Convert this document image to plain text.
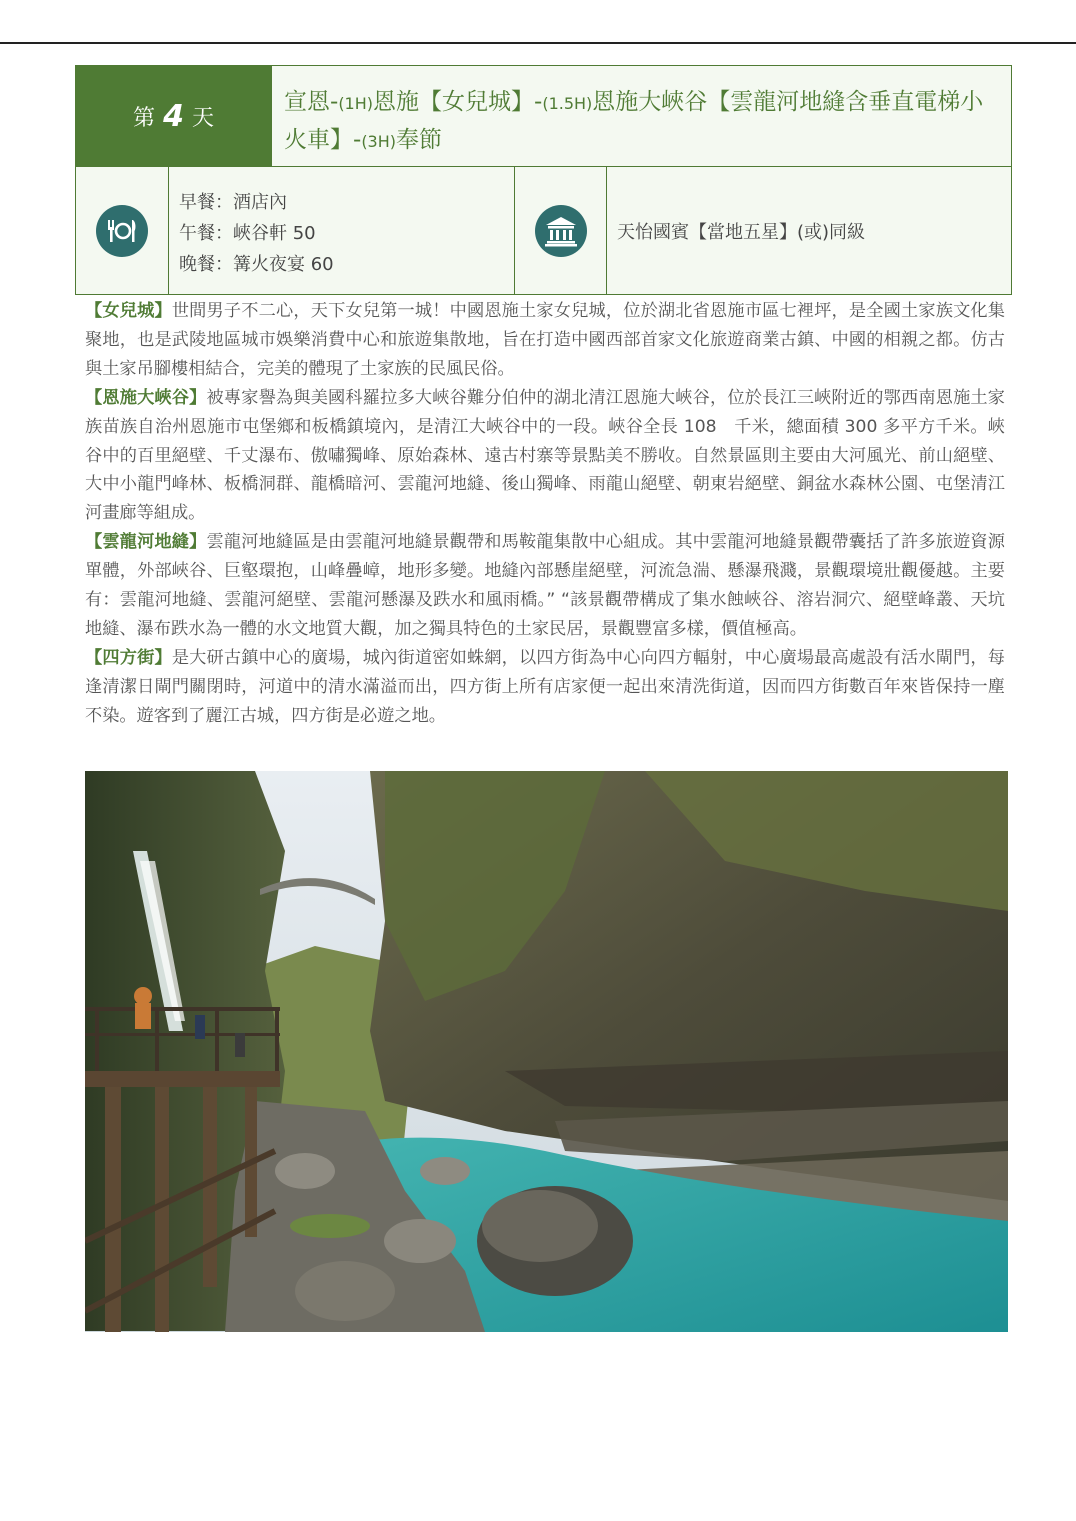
第 4 天
宣恩-(1H)恩施【女兒城】-(1.5H)恩施大峽谷【雲龍河地縫含垂直電梯小火車】-(3H)奉節
早餐：酒店內
午餐：峽谷軒 50
晚餐：篝火夜宴 60
天怡國賓【當地五星】(或)同級

【女兒城】世間男子不二心，天下女兒第一城！中國恩施土家女兒城，位於湖北省恩施市區七裡坪，是全國土家族文化集聚地，也是武陵地區城市娛樂消費中心和旅遊集散地，旨在打造中國西部首家文化旅遊商業古鎮、中國的相親之都。仿古與土家吊腳樓相結合，完美的體現了土家族的民風民俗。

【恩施大峽谷】被專家譽為與美國科羅拉多大峽谷難分伯仲的湖北清江恩施大峽谷，位於長江三峽附近的鄂西南恩施土家族苗族自治州恩施市屯堡鄉和板橋鎮境內，是清江大峽谷中的一段。峽谷全長 108　千米，總面積 300 多平方千米。峽谷中的百里絕壁、千丈瀑布、傲嘯獨峰、原始森林、遠古村寨等景點美不勝收。自然景區則主要由大河風光、前山絕壁、大中小龍門峰林、板橋洞群、龍橋暗河、雲龍河地縫、後山獨峰、雨龍山絕壁、朝東岩絕壁、銅盆水森林公園、屯堡清江河畫廊等組成。

【雲龍河地縫】雲龍河地縫區是由雲龍河地縫景觀帶和馬鞍龍集散中心組成。其中雲龍河地縫景觀帶囊括了許多旅遊資源單體，外部峽谷、巨壑環抱，山峰疊嶂，地形多變。地縫內部懸崖絕壁，河流急湍、懸瀑飛濺，景觀環境壯觀優越。主要有：雲龍河地縫、雲龍河絕壁、雲龍河懸瀑及跌水和風雨橋。” “該景觀帶構成了集水蝕峽谷、溶岩洞穴、絕壁峰叢、天坑地縫、瀑布跌水為一體的水文地質大觀，加之獨具特色的土家民居，景觀豐富多樣，價值極高。

【四方街】是大研古鎮中心的廣場，城內街道密如蛛網，以四方街為中心向四方輻射，中心廣場最高處設有活水閘門，每逢清潔日閘門關閉時，河道中的清水滿溢而出，四方街上所有店家便一起出來清洗街道，因而四方街數百年來皆保持一塵不染。遊客到了麗江古城，四方街是必遊之地。
